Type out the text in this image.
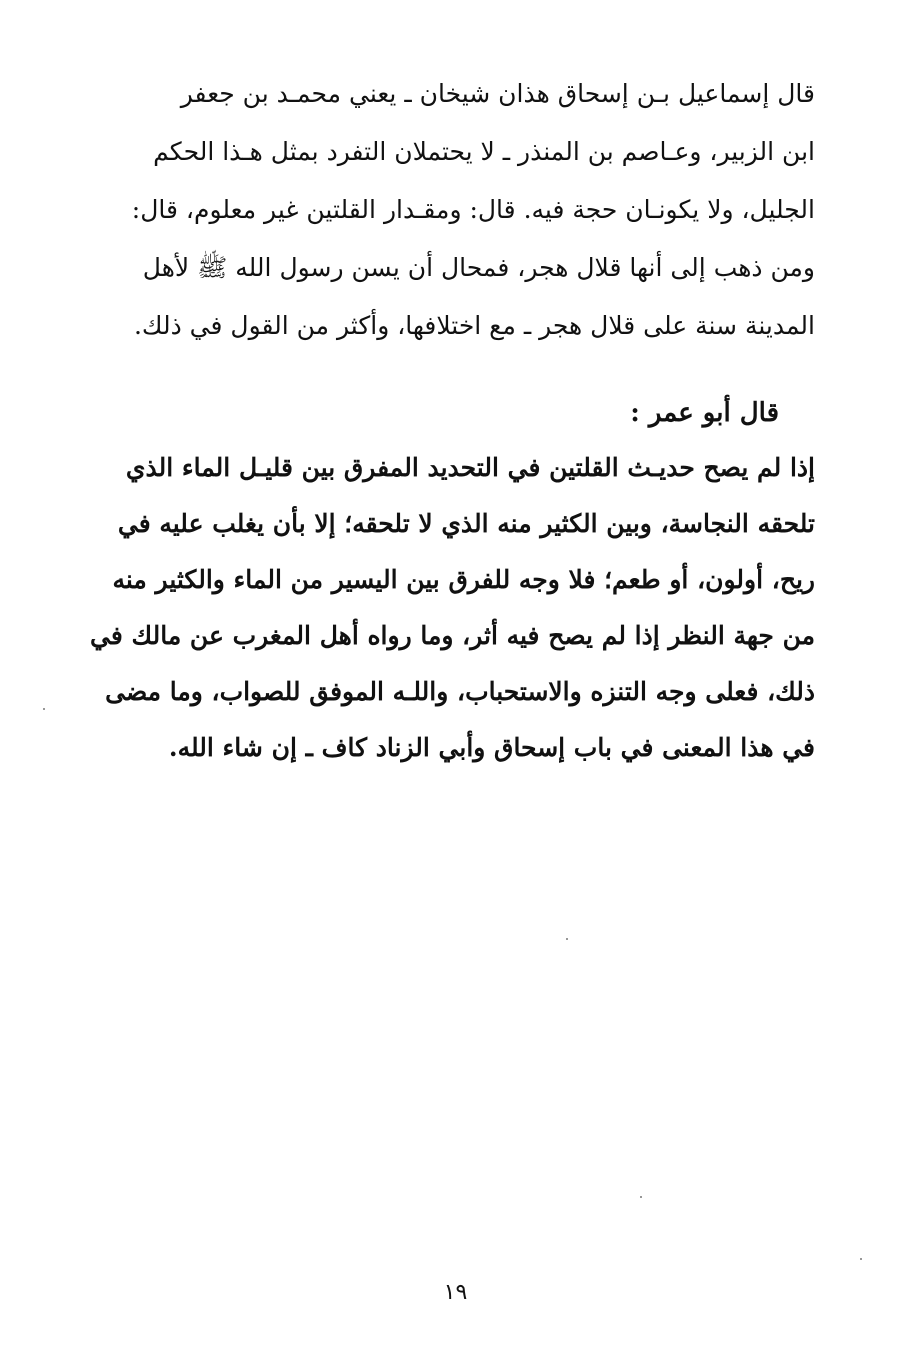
قال إسماعيل بـن إسحاق هذان شيخان ـ يعني محمـد بن جعفر
ابن الزبير، وعـاصم بن المنذر ـ لا يحتملان التفرد بمثل هـذا الحكم
الجليل، ولا يكونـان حجة فيه. قال: ومقـدار القلتين غير معلوم، قال:
ومن ذهب إلى أنها قلال هجر، فمحال أن يسن رسول الله ﷺ لأهل
المدينة سنة على قلال هجر ـ مع اختلافها، وأكثر من القول في ذلك.
قال أبو عمر :
إذا لم يصح حديـث القلتين في التحديد المفرق بين قليـل الماء الذي
تلحقه النجاسة، وبين الكثير منه الذي لا تلحقه؛ إلا بأن يغلب عليه في
ريح، أولون، أو طعم؛ فلا وجه للفرق بين اليسير من الماء والكثير منه
من جهة النظر إذا لم يصح فيه أثر، وما رواه أهل المغرب عن مالك في
ذلك، فعلى وجه التنزه والاستحباب، واللـه الموفق للصواب، وما مضى
في هذا المعنى في باب إسحاق وأبي الزناد كاف ـ إن شاء الله.
١٩
